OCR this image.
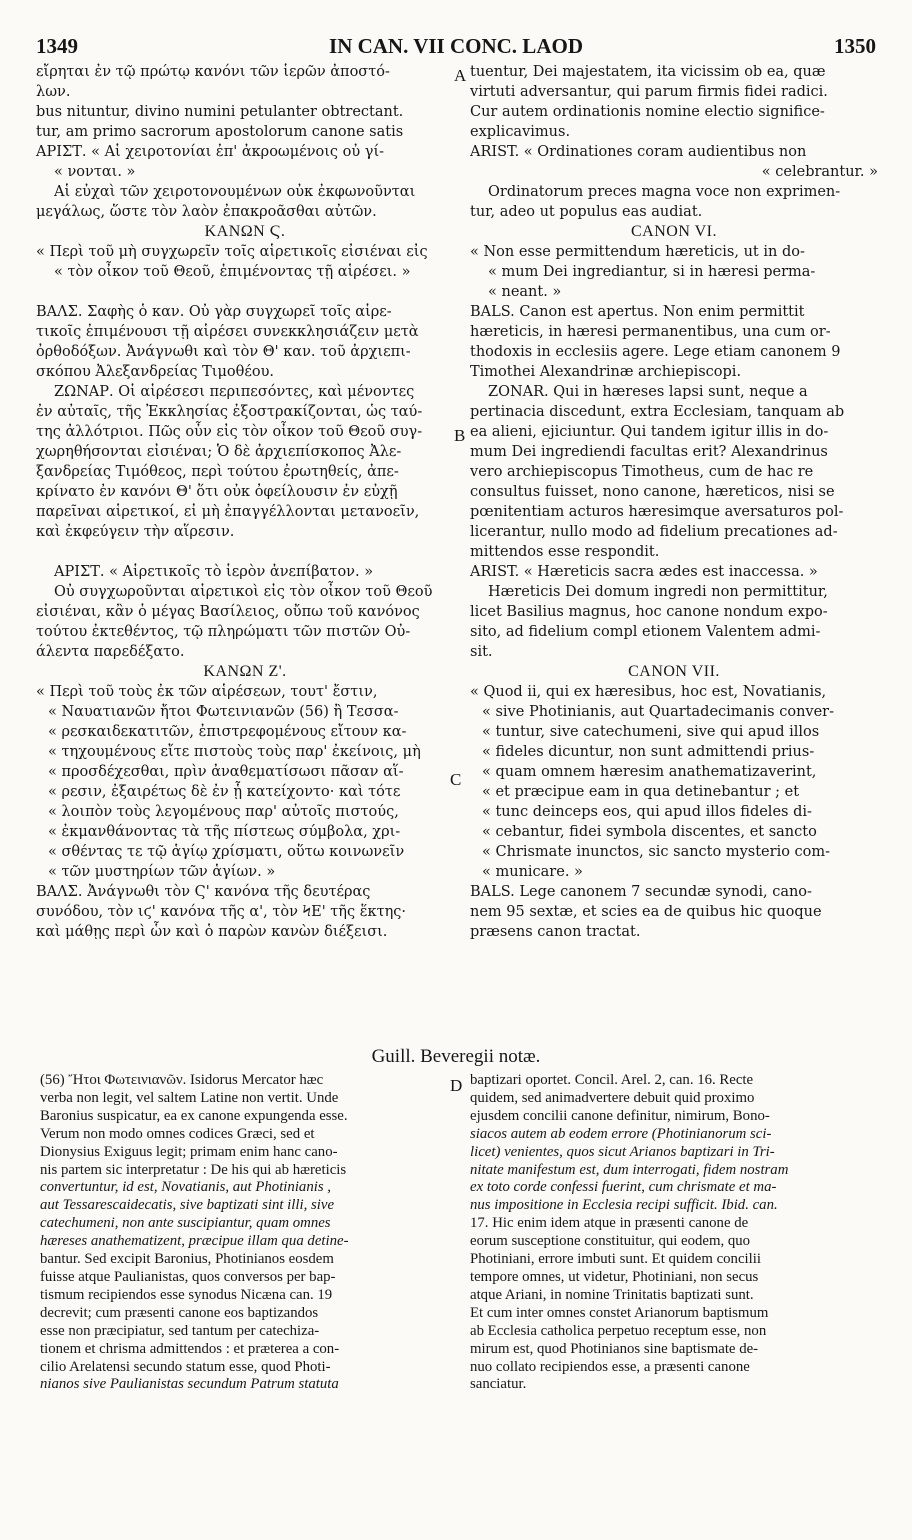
1349	IN CAN. VII CONC. LAOD	1350
A
B
C
D

εἴρηται ἐν τῷ πρώτῳ κανόνι τῶν ἱερῶν ἀποστό-

λων.

bus nituntur, divino numini petulanter obtrectant.

tur, am primo sacrorum apostolorum canone satis

ΑΡΙΣΤ. « Αἱ χειροτονίαι ἐπ' ἀκροωμένοις οὐ γί-

« νονται. »

Αἱ εὐχαὶ τῶν χειροτονουμένων οὐκ ἐκφωνοῦνται

μεγάλως, ὥστε τὸν λαὸν ἐπακροᾶσθαι αὐτῶν.

ΚΑΝΩΝ Ϛ.

« Περὶ τοῦ μὴ συγχωρεῖν τοῖς αἱρετικοῖς εἰσιέναι εἰς

« τὸν οἶκον τοῦ Θεοῦ, ἐπιμένοντας τῇ αἱρέσει. »

ΒΑΛΣ. Σαφὴς ὁ καν. Οὐ γὰρ συγχωρεῖ τοῖς αἱρε-

τικοῖς ἐπιμένουσι τῇ αἱρέσει συνεκκλησιάζειν μετὰ

ὀρθοδόξων. Ἀνάγνωθι καὶ τὸν Θ' καν. τοῦ ἀρχιεπι-

σκόπου Ἀλεξανδρείας Τιμοθέου.

ΖΩΝΑΡ. Οἱ αἱρέσεσι περιπεσόντες, καὶ μένοντες

ἐν αὐταῖς, τῆς Ἐκκλησίας ἐξοστρακίζονται, ὡς ταύ-

της ἀλλότριοι. Πῶς οὖν εἰς τὸν οἶκον τοῦ Θεοῦ συγ-

χωρηθήσονται εἰσιέναι; Ὁ δὲ ἀρχιεπίσκοπος Ἀλε-

ξανδρείας Τιμόθεος, περὶ τούτου ἐρωτηθείς, ἀπε-

κρίνατο ἐν κανόνι Θ' ὅτι οὐκ ὀφείλουσιν ἐν εὐχῇ

παρεῖναι αἱρετικοί, εἰ μὴ ἐπαγγέλλονται μετανοεῖν,

καὶ ἐκφεύγειν τὴν αἵρεσιν.

ΑΡΙΣΤ. « Αἱρετικοῖς τὸ ἱερὸν ἀνεπίβατον. »

Οὐ συγχωροῦνται αἱρετικοὶ εἰς τὸν οἶκον τοῦ Θεοῦ

εἰσιέναι, κἂν ὁ μέγας Βασίλειος, οὔπω τοῦ κανόνος

τούτου ἐκτεθέντος, τῷ πληρώματι τῶν πιστῶν Οὐ-

άλεντα παρεδέξατο.

ΚΑΝΩΝ Ζ'.

« Περὶ τοῦ τοὺς ἐκ τῶν αἱρέσεων, τουτ' ἔστιν,

« Ναυατιανῶν ἤτοι Φωτεινιανῶν (56) ἢ Τεσσα-

« ρεσκαιδεκατιτῶν, ἐπιστρεφομένους εἴτουν κα-

« τηχουμένους εἴτε πιστοὺς τοὺς παρ' ἐκείνοις, μὴ

« προσδέχεσθαι, πρὶν ἀναθεματίσωσι πᾶσαν αἵ-

« ρεσιν, ἐξαιρέτως δὲ ἐν ᾗ κατείχοντο· καὶ τότε

« λοιπὸν τοὺς λεγομένους παρ' αὐτοῖς πιστούς,

« ἐκμανθάνοντας τὰ τῆς πίστεως σύμβολα, χρι-

« σθέντας τε τῷ ἁγίῳ χρίσματι, οὕτω κοινωνεῖν

« τῶν μυστηρίων τῶν ἁγίων. »

ΒΑΛΣ. Ἀνάγνωθι τὸν Ϛ' κανόνα τῆς δευτέρας

συνόδου, τὸν ιϛ' κανόνα τῆς α', τὸν ϞΕ' τῆς ἕκτης·

καὶ μάθῃς περὶ ὧν καὶ ὁ παρὼν κανὼν διέξεισι.

tuentur, Dei majestatem, ita vicissim ob ea, quæ

virtuti adversantur, qui parum firmis fidei radici.

Cur autem ordinationis nomine electio significe-

explicavimus.

ARIST. « Ordinationes coram audientibus non

« celebrantur. »

Ordinatorum preces magna voce non exprimen-

tur, adeo ut populus eas audiat.

CANON VI.

« Non esse permittendum hæreticis, ut in do-

« mum Dei ingrediantur, si in hæresi perma-

« neant. »

BALS. Canon est apertus. Non enim permittit

hæreticis, in hæresi permanentibus, una cum or-

thodoxis in ecclesiis agere. Lege etiam canonem 9

Timothei Alexandrinæ archiepiscopi.

ZONAR. Qui in hæreses lapsi sunt, neque a

pertinacia discedunt, extra Ecclesiam, tanquam ab

ea alieni, ejiciuntur. Qui tandem igitur illis in do-

mum Dei ingrediendi facultas erit? Alexandrinus

vero archiepiscopus Timotheus, cum de hac re

consultus fuisset, nono canone, hæreticos, nisi se

pœnitentiam acturos hæresimque aversaturos pol-

licerantur, nullo modo ad fidelium precationes ad-

mittendos esse respondit.

ARIST. « Hæreticis sacra ædes est inaccessa. »

Hæreticis Dei domum ingredi non permittitur,

licet Basilius magnus, hoc canone nondum expo-

sito, ad fidelium compl etionem Valentem admi-

sit.

CANON VII.

« Quod ii, qui ex hæresibus, hoc est, Novatianis,

« sive Photinianis, aut Quartadecimanis conver-

« tuntur, sive catechumeni, sive qui apud illos

« fideles dicuntur, non sunt admittendi prius-

« quam omnem hæresim anathematizaverint,

« et præcipue eam in qua detinebantur ; et

« tunc deinceps eos, qui apud illos fideles di-

« cebantur, fidei symbola discentes, et sancto

« Chrismate inunctos, sic sancto mysterio com-

« municare. »

BALS. Lege canonem 7 secundæ synodi, cano-

nem 95 sextæ, et scies ea de quibus hic quoque

præsens canon tractat.

Guill. Beveregii notæ.

(56) Ἤτοι Φωτεινιανῶν. Isidorus Mercator hæc

verba non legit, vel saltem Latine non vertit. Unde

Baronius suspicatur, ea ex canone expungenda esse.

Verum non modo omnes codices Græci, sed et

Dionysius Exiguus legit; primam enim hanc cano-

nis partem sic interpretatur : De his qui ab hæreticis

convertuntur, id est, Novatianis, aut Photinianis ,

aut Tessarescaidecatis, sive baptizati sint illi, sive

catechumeni, non ante suscipiantur, quam omnes

hæreses anathematizent, præcipue illam qua detine-

bantur. Sed excipit Baronius, Photinianos eosdem

fuisse atque Paulianistas, quos conversos per bap-

tismum recipiendos esse synodus Nicæna can. 19

decrevit; cum præsenti canone eos baptizandos

esse non præcipiatur, sed tantum per catechiza-

tionem et chrisma admittendos : et præterea a con-

cilio Arelatensi secundo statum esse, quod Photi-

nianos sive Paulianistas secundum Patrum statuta

baptizari oportet. Concil. Arel. 2, can. 16. Recte

quidem, sed animadvertere debuit quid proximo

ejusdem concilii canone definitur, nimirum, Bono-

siacos autem ab eodem errore (Photinianorum sci-

licet) venientes, quos sicut Arianos baptizari in Tri-

nitate manifestum est, dum interrogati, fidem nostram

ex toto corde confessi fuerint, cum chrismate et ma-

nus impositione in Ecclesia recipi sufficit. Ibid. can.

17. Hic enim idem atque in præsenti canone de

eorum susceptione constituitur, qui eodem, quo

Photiniani, errore imbuti sunt. Et quidem concilii

tempore omnes, ut videtur, Photiniani, non secus

atque Ariani, in nomine Trinitatis baptizati sunt.

Et cum inter omnes constet Arianorum baptismum

ab Ecclesia catholica perpetuo receptum esse, non

mirum est, quod Photinianos sine baptismate de-

nuo collato recipiendos esse, a præsenti canone

sanciatur.
